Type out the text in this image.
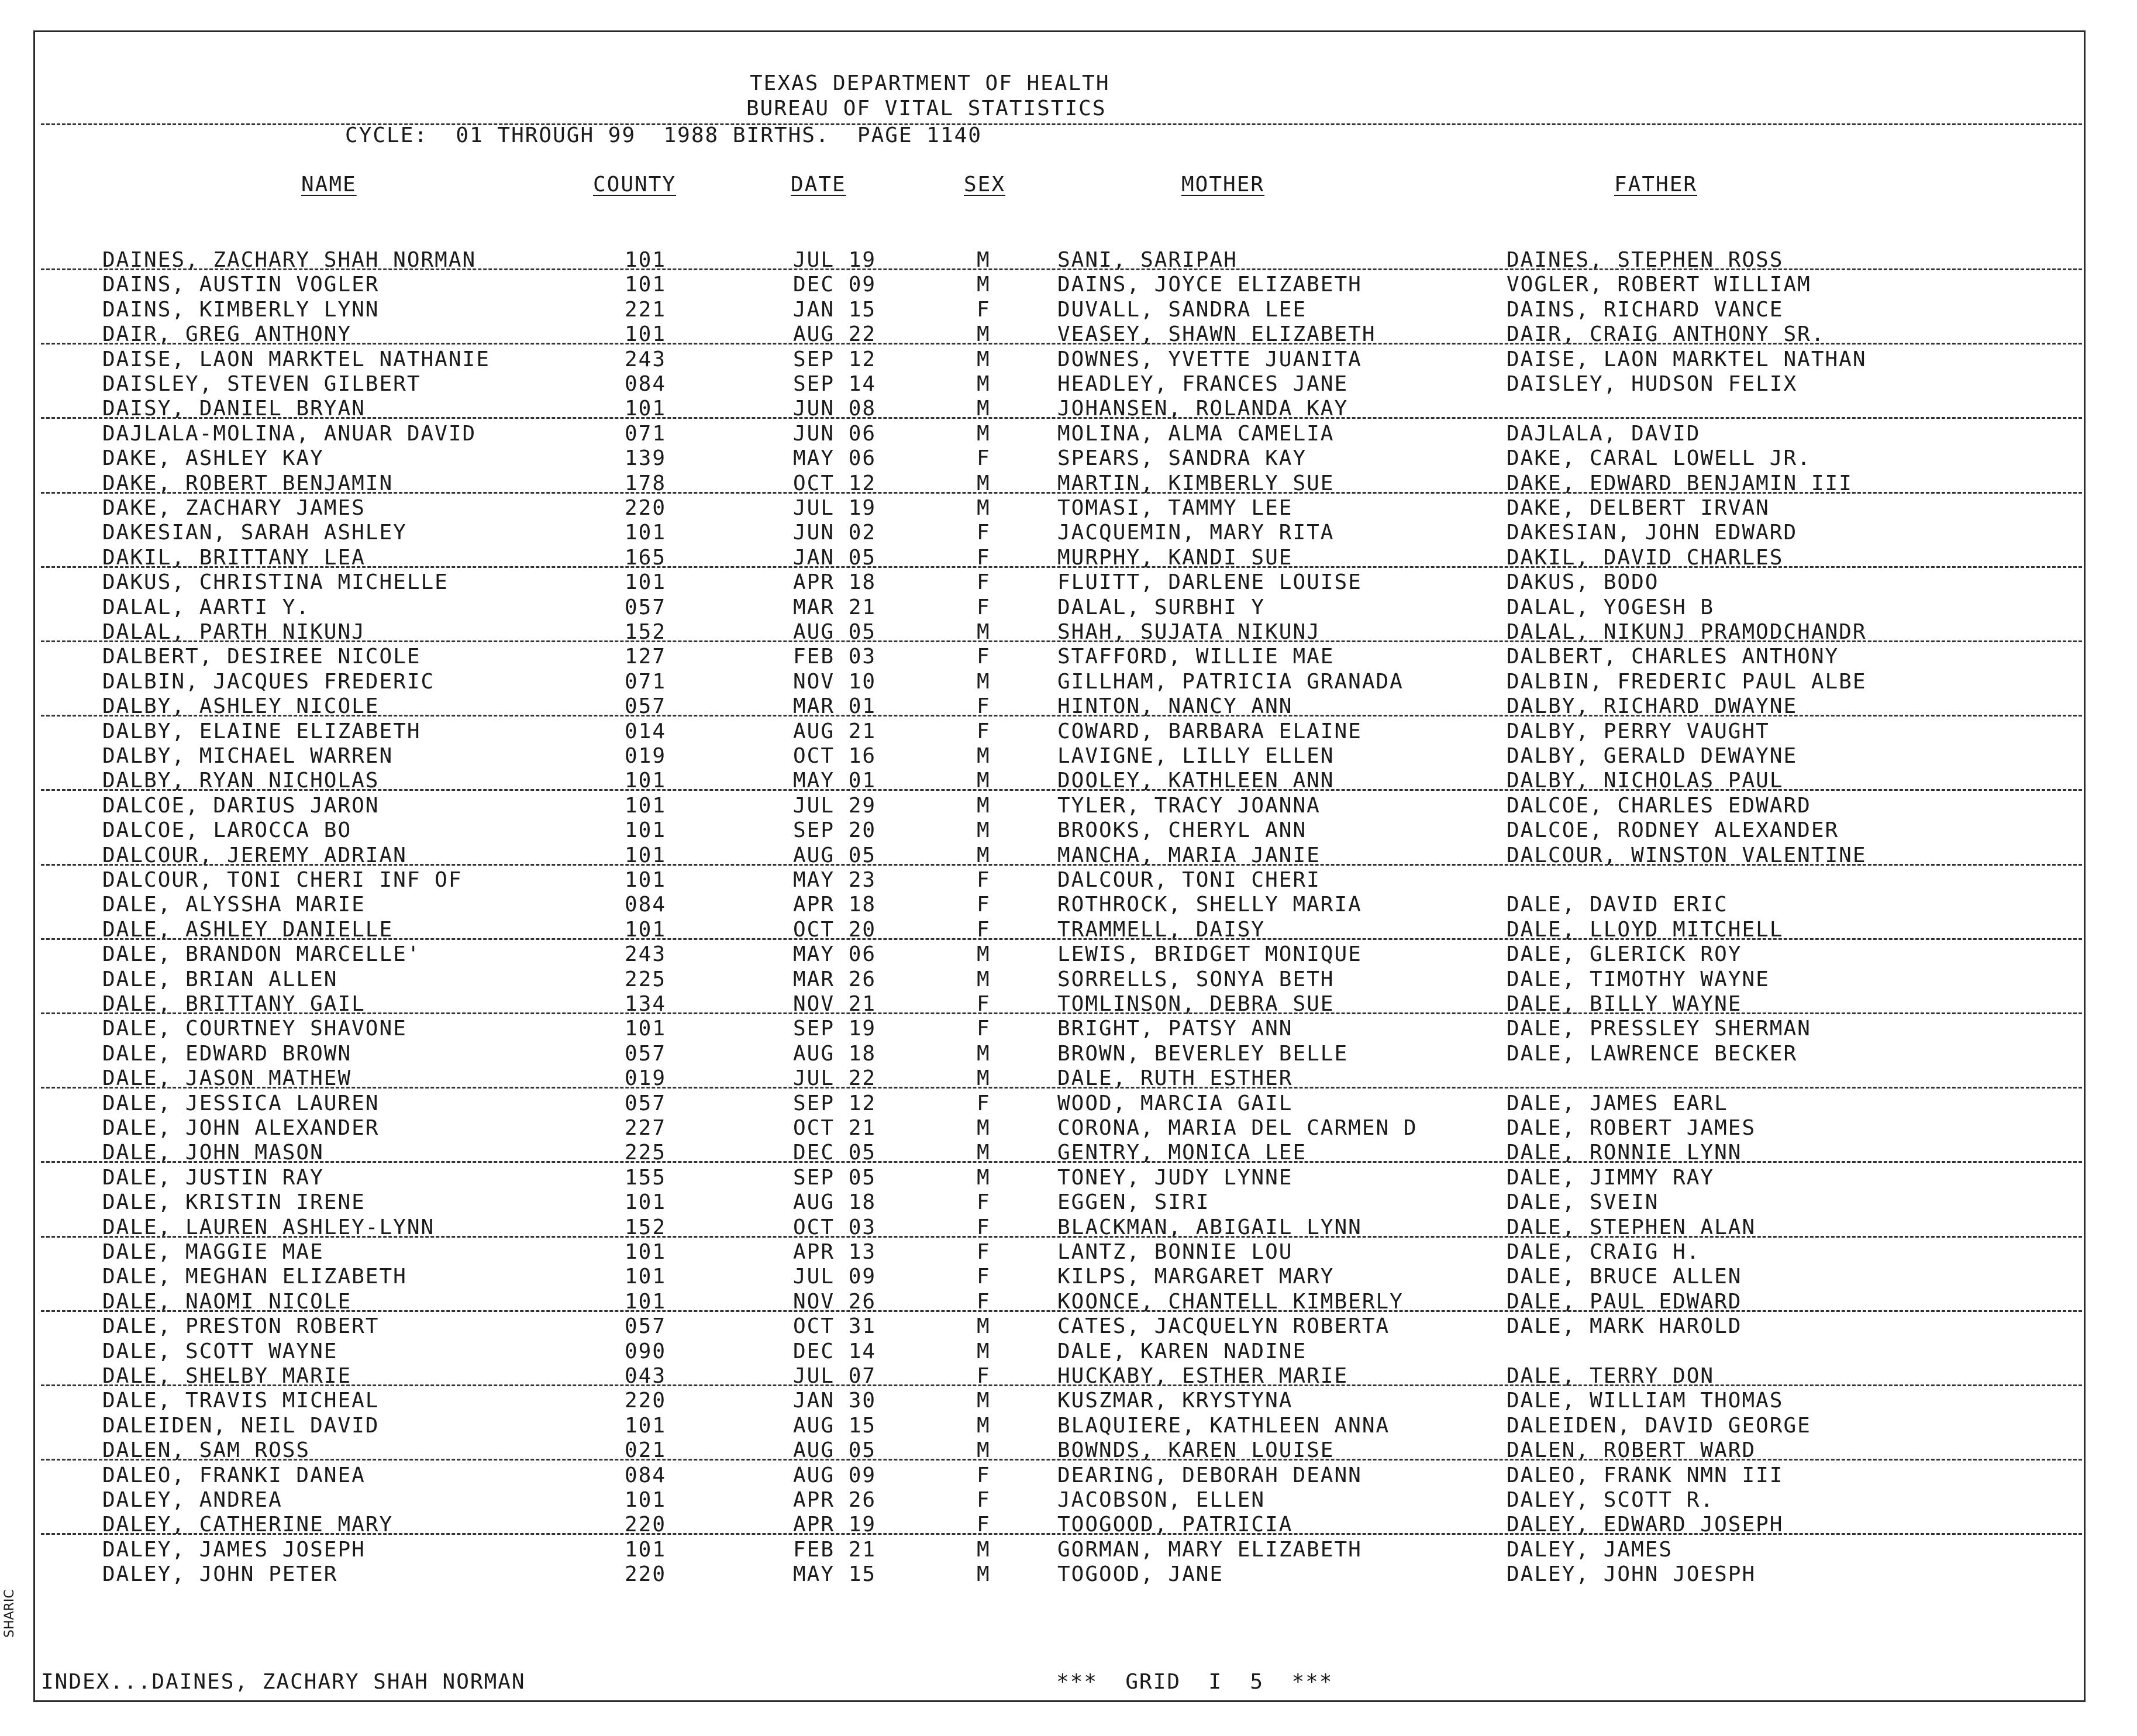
TEXAS DEPARTMENT OF HEALTH
BUREAU OF VITAL STATISTICS
CYCLE:  01 THROUGH 99  1988 BIRTHS.  PAGE 1140
NAME	COUNTY	DATE	SEX	MOTHER	FATHER
DAINES, ZACHARY SHAH NORMAN	101	JUL 19	M	SANI, SARIPAH	DAINES, STEPHEN ROSS
DAINS, AUSTIN VOGLER	101	DEC 09	M	DAINS, JOYCE ELIZABETH	VOGLER, ROBERT WILLIAM
DAINS, KIMBERLY LYNN	221	JAN 15	F	DUVALL, SANDRA LEE	DAINS, RICHARD VANCE
DAIR, GREG ANTHONY	101	AUG 22	M	VEASEY, SHAWN ELIZABETH	DAIR, CRAIG ANTHONY SR.
DAISE, LAON MARKTEL NATHANIE	243	SEP 12	M	DOWNES, YVETTE JUANITA	DAISE, LAON MARKTEL NATHAN
DAISLEY, STEVEN GILBERT	084	SEP 14	M	HEADLEY, FRANCES JANE	DAISLEY, HUDSON FELIX
DAISY, DANIEL BRYAN	101	JUN 08	M	JOHANSEN, ROLANDA KAY
DAJLALA-MOLINA, ANUAR DAVID	071	JUN 06	M	MOLINA, ALMA CAMELIA	DAJLALA, DAVID
DAKE, ASHLEY KAY	139	MAY 06	F	SPEARS, SANDRA KAY	DAKE, CARAL LOWELL JR.
DAKE, ROBERT BENJAMIN	178	OCT 12	M	MARTIN, KIMBERLY SUE	DAKE, EDWARD BENJAMIN III
DAKE, ZACHARY JAMES	220	JUL 19	M	TOMASI, TAMMY LEE	DAKE, DELBERT IRVAN
DAKESIAN, SARAH ASHLEY	101	JUN 02	F	JACQUEMIN, MARY RITA	DAKESIAN, JOHN EDWARD
DAKIL, BRITTANY LEA	165	JAN 05	F	MURPHY, KANDI SUE	DAKIL, DAVID CHARLES
DAKUS, CHRISTINA MICHELLE	101	APR 18	F	FLUITT, DARLENE LOUISE	DAKUS, BODO
DALAL, AARTI Y.	057	MAR 21	F	DALAL, SURBHI Y	DALAL, YOGESH B
DALAL, PARTH NIKUNJ	152	AUG 05	M	SHAH, SUJATA NIKUNJ	DALAL, NIKUNJ PRAMODCHANDR
DALBERT, DESIREE NICOLE	127	FEB 03	F	STAFFORD, WILLIE MAE	DALBERT, CHARLES ANTHONY
DALBIN, JACQUES FREDERIC	071	NOV 10	M	GILLHAM, PATRICIA GRANADA	DALBIN, FREDERIC PAUL ALBE
DALBY, ASHLEY NICOLE	057	MAR 01	F	HINTON, NANCY ANN	DALBY, RICHARD DWAYNE
DALBY, ELAINE ELIZABETH	014	AUG 21	F	COWARD, BARBARA ELAINE	DALBY, PERRY VAUGHT
DALBY, MICHAEL WARREN	019	OCT 16	M	LAVIGNE, LILLY ELLEN	DALBY, GERALD DEWAYNE
DALBY, RYAN NICHOLAS	101	MAY 01	M	DOOLEY, KATHLEEN ANN	DALBY, NICHOLAS PAUL
DALCOE, DARIUS JARON	101	JUL 29	M	TYLER, TRACY JOANNA	DALCOE, CHARLES EDWARD
DALCOE, LAROCCA BO	101	SEP 20	M	BROOKS, CHERYL ANN	DALCOE, RODNEY ALEXANDER
DALCOUR, JEREMY ADRIAN	101	AUG 05	M	MANCHA, MARIA JANIE	DALCOUR, WINSTON VALENTINE
DALCOUR, TONI CHERI INF OF	101	MAY 23	F	DALCOUR, TONI CHERI
DALE, ALYSSHA MARIE	084	APR 18	F	ROTHROCK, SHELLY MARIA	DALE, DAVID ERIC
DALE, ASHLEY DANIELLE	101	OCT 20	F	TRAMMELL, DAISY	DALE, LLOYD MITCHELL
DALE, BRANDON MARCELLE'	243	MAY 06	M	LEWIS, BRIDGET MONIQUE	DALE, GLERICK ROY
DALE, BRIAN ALLEN	225	MAR 26	M	SORRELLS, SONYA BETH	DALE, TIMOTHY WAYNE
DALE, BRITTANY GAIL	134	NOV 21	F	TOMLINSON, DEBRA SUE	DALE, BILLY WAYNE
DALE, COURTNEY SHAVONE	101	SEP 19	F	BRIGHT, PATSY ANN	DALE, PRESSLEY SHERMAN
DALE, EDWARD BROWN	057	AUG 18	M	BROWN, BEVERLEY BELLE	DALE, LAWRENCE BECKER
DALE, JASON MATHEW	019	JUL 22	M	DALE, RUTH ESTHER
DALE, JESSICA LAUREN	057	SEP 12	F	WOOD, MARCIA GAIL	DALE, JAMES EARL
DALE, JOHN ALEXANDER	227	OCT 21	M	CORONA, MARIA DEL CARMEN D	DALE, ROBERT JAMES
DALE, JOHN MASON	225	DEC 05	M	GENTRY, MONICA LEE	DALE, RONNIE LYNN
DALE, JUSTIN RAY	155	SEP 05	M	TONEY, JUDY LYNNE	DALE, JIMMY RAY
DALE, KRISTIN IRENE	101	AUG 18	F	EGGEN, SIRI	DALE, SVEIN
DALE, LAUREN ASHLEY-LYNN	152	OCT 03	F	BLACKMAN, ABIGAIL LYNN	DALE, STEPHEN ALAN
DALE, MAGGIE MAE	101	APR 13	F	LANTZ, BONNIE LOU	DALE, CRAIG H.
DALE, MEGHAN ELIZABETH	101	JUL 09	F	KILPS, MARGARET MARY	DALE, BRUCE ALLEN
DALE, NAOMI NICOLE	101	NOV 26	F	KOONCE, CHANTELL KIMBERLY	DALE, PAUL EDWARD
DALE, PRESTON ROBERT	057	OCT 31	M	CATES, JACQUELYN ROBERTA	DALE, MARK HAROLD
DALE, SCOTT WAYNE	090	DEC 14	M	DALE, KAREN NADINE
DALE, SHELBY MARIE	043	JUL 07	F	HUCKABY, ESTHER MARIE	DALE, TERRY DON
DALE, TRAVIS MICHEAL	220	JAN 30	M	KUSZMAR, KRYSTYNA	DALE, WILLIAM THOMAS
DALEIDEN, NEIL DAVID	101	AUG 15	M	BLAQUIERE, KATHLEEN ANNA	DALEIDEN, DAVID GEORGE
DALEN, SAM ROSS	021	AUG 05	M	BOWNDS, KAREN LOUISE	DALEN, ROBERT WARD
DALEO, FRANKI DANEA	084	AUG 09	F	DEARING, DEBORAH DEANN	DALEO, FRANK NMN III
DALEY, ANDREA	101	APR 26	F	JACOBSON, ELLEN	DALEY, SCOTT R.
DALEY, CATHERINE MARY	220	APR 19	F	TOOGOOD, PATRICIA	DALEY, EDWARD JOSEPH
DALEY, JAMES JOSEPH	101	FEB 21	M	GORMAN, MARY ELIZABETH	DALEY, JAMES
DALEY, JOHN PETER	220	MAY 15	M	TOGOOD, JANE	DALEY, JOHN JOESPH
INDEX...DAINES, ZACHARY SHAH NORMAN	***  GRID  I  5  ***
SHARIC
